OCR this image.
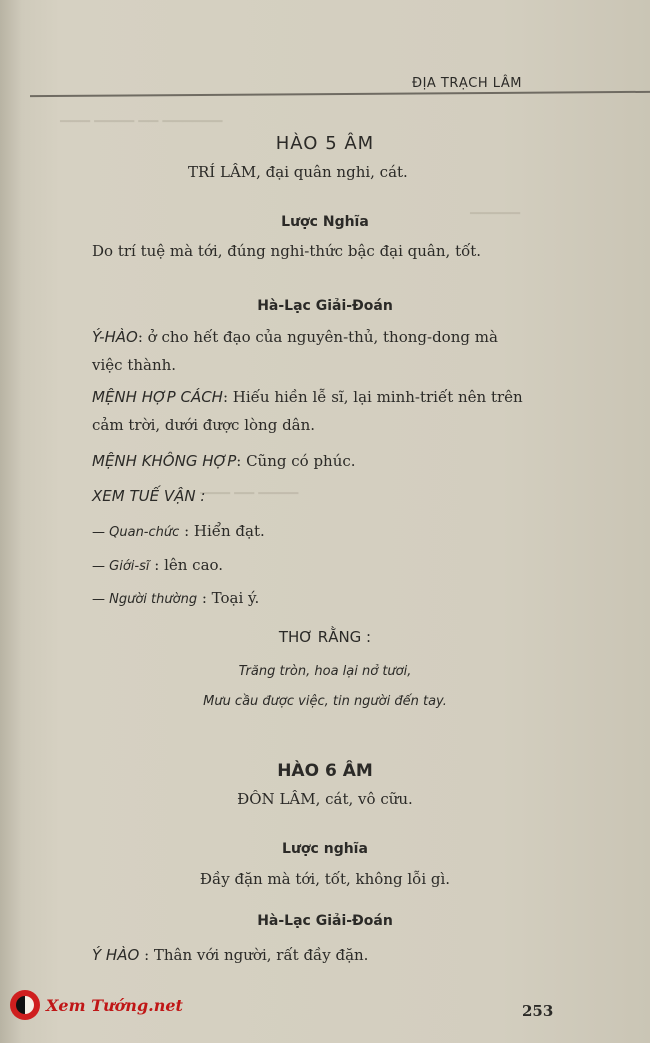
▁▁▁ ▁▁▁▁ ▁▁ ▁▁▁▁▁▁
▁▁▁▁▁
▁▁▁ ▁▁ ▁▁▁▁
ĐỊA TRẠCH LÂM
HÀO 5 ÂM
TRÍ LÂM, đại quân nghi, cát.
Lược Nghĩa
Do trí tuệ mà tới, đúng nghi-thức bậc đại quân, tốt.
Hà-Lạc Giải-Đoán
Ý-HÀO: ở cho hết đạo của nguyên-thủ, thong-dong mà
việc thành.
MỆNH HỢP CÁCH: Hiếu hiền lễ sĩ, lại minh-triết nên trên
cảm trời, dưới được lòng dân.
MỆNH KHÔNG HỢP: Cũng có phúc.
XEM TUẾ VẬN :
— Quan-chức : Hiển đạt.
— Giới-sĩ : lên cao.
— Người thường : Toại ý.
THƠ RẰNG :
Trăng tròn, hoa lại nở tươi,
Mưu cầu được việc, tin người đến tay.
HÀO 6 ÂM
ĐÔN LÂM, cát, vô cữu.
Lược nghĩa
Đầy đặn mà tới, tốt, không lỗi gì.
Hà-Lạc Giải-Đoán
Ý HÀO : Thân với người, rất đầy đặn.
Xem Tướng.net	253
